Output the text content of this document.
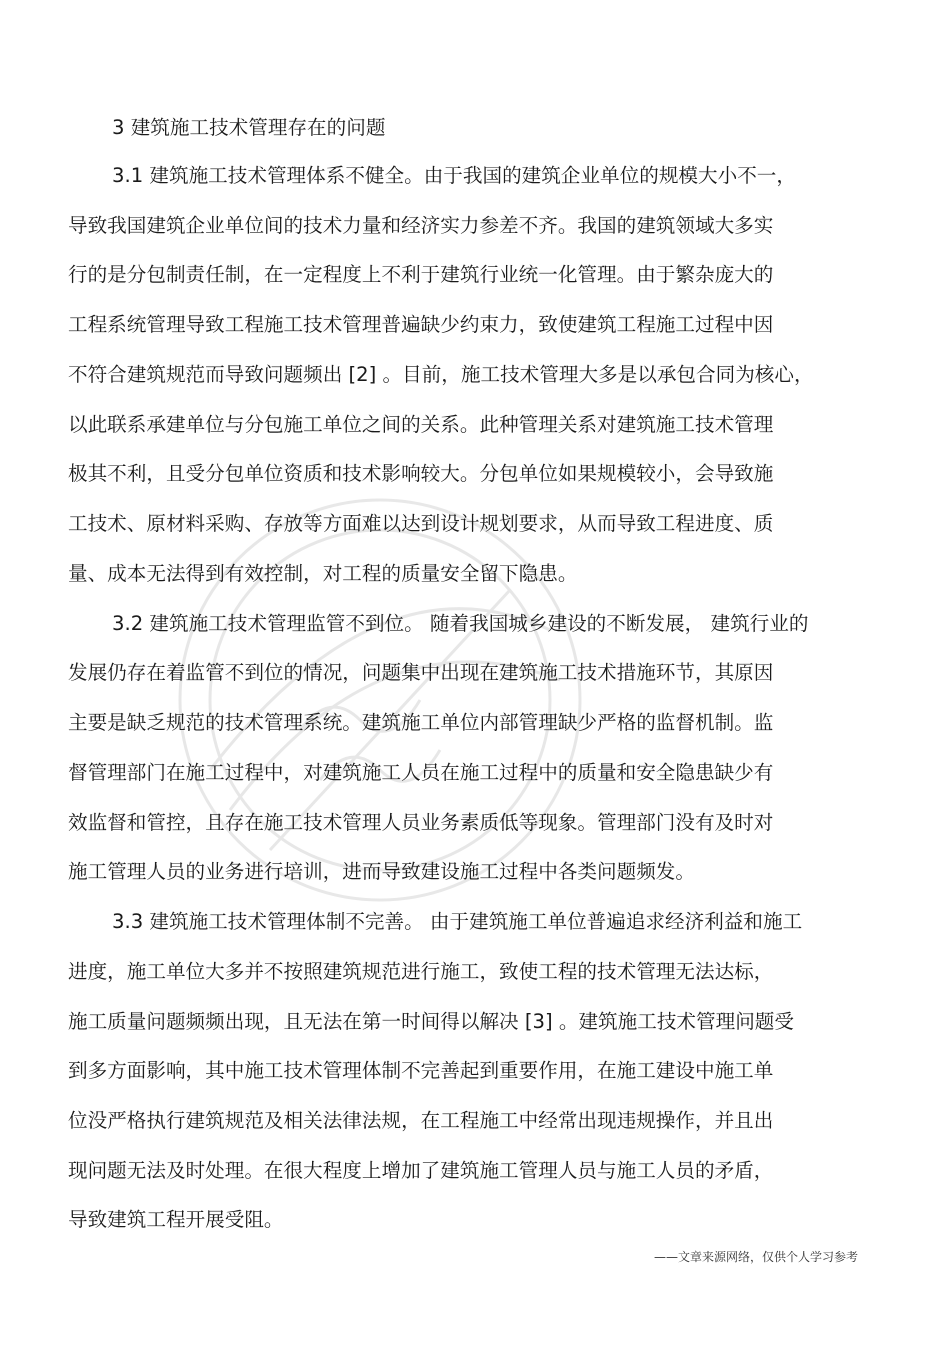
3 建筑施工技术管理存在的问题
3.1 建筑施工技术管理体系不健全。由于我国的建筑企业单位的规模大小不一，
导致我国建筑企业单位间的技术力量和经济实力参差不齐。我国的建筑领域大多实
行的是分包制责任制，在一定程度上不利于建筑行业统一化管理。由于繁杂庞大的
工程系统管理导致工程施工技术管理普遍缺少约束力，致使建筑工程施工过程中因
不符合建筑规范而导致问题频出 [2] 。目前，施工技术管理大多是以承包合同为核心，
以此联系承建单位与分包施工单位之间的关系。此种管理关系对建筑施工技术管理
极其不利，且受分包单位资质和技术影响较大。分包单位如果规模较小，会导致施
工技术、原材料采购、存放等方面难以达到设计规划要求，从而导致工程进度、质
量、成本无法得到有效控制，对工程的质量安全留下隐患。
3.2 建筑施工技术管理监管不到位。 随着我国城乡建设的不断发展， 建筑行业的
发展仍存在着监管不到位的情况，问题集中出现在建筑施工技术措施环节，其原因
主要是缺乏规范的技术管理系统。建筑施工单位内部管理缺少严格的监督机制。监
督管理部门在施工过程中，对建筑施工人员在施工过程中的质量和安全隐患缺少有
效监督和管控，且存在施工技术管理人员业务素质低等现象。管理部门没有及时对
施工管理人员的业务进行培训，进而导致建设施工过程中各类问题频发。
3.3 建筑施工技术管理体制不完善。 由于建筑施工单位普遍追求经济利益和施工
进度，施工单位大多并不按照建筑规范进行施工，致使工程的技术管理无法达标，
施工质量问题频频出现，且无法在第一时间得以解决 [3] 。建筑施工技术管理问题受
到多方面影响，其中施工技术管理体制不完善起到重要作用，在施工建设中施工单
位没严格执行建筑规范及相关法律法规，在工程施工中经常出现违规操作，并且出
现问题无法及时处理。在很大程度上增加了建筑施工管理人员与施工人员的矛盾，
导致建筑工程开展受阻。
——文章来源网络，仅供个人学习参考
